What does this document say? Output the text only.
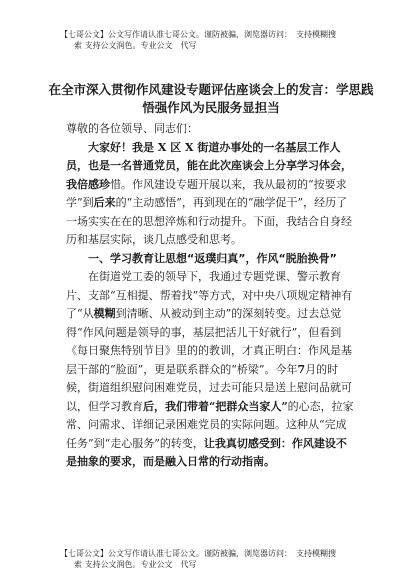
【七哥公文】公文写作请认准七哥公文。谨防被骗，浏览器访问：　支持模糊搜
索 支持公文润色。专业公文　代写
在全市深入贯彻作风建设专题评估座谈会上的发言：学思践悟强作风为民服务显担当

尊敬的各位领导、同志们：

大家好！我是 X 区 X 街道办事处的一名基层工作人员，也是一名普通党员，能在此次座谈会上分享学习体会，我倍感珍惜。作风建设专题开展以来，我从最初的“按要求学”到后来的“主动感悟”，再到现在的“融学促干”，经历了一场实实在在的思想淬炼和行动提升。下面，我结合自身经历和基层实际，谈几点感受和思考。

一、学习教育让思想“返璞归真”，作风“脱胎换骨”

在街道党工委的领导下，我通过专题党课、警示教育片、支部“互相提、帮着找”等方式，对中央八项规定精神有了“从模糊到清晰、从被动到主动”的深刻转变。过去总觉得“作风问题是领导的事，基层把活儿干好就行”，但看到《每日聚焦特别节目》里的的教训，才真正明白：作风是基层干部的“脸面”，更是联系群众的“桥梁”。今年7月的时候，街道组织慰问困难党员，过去可能只是送上慰问品就可以，但学习教育后，我们带着“把群众当家人”的心态，拉家常、问需求、详细记录困难党员的实际问题。这种从“完成任务”到“走心服务”的转变，让我真切感受到：作风建设不是抽象的要求，而是融入日常的行动指南。

【七哥公文】公文写作请认准七哥公文。谨防被骗，浏览器访问：　支持模糊搜
索 支持公文润色。专业公文　代写
